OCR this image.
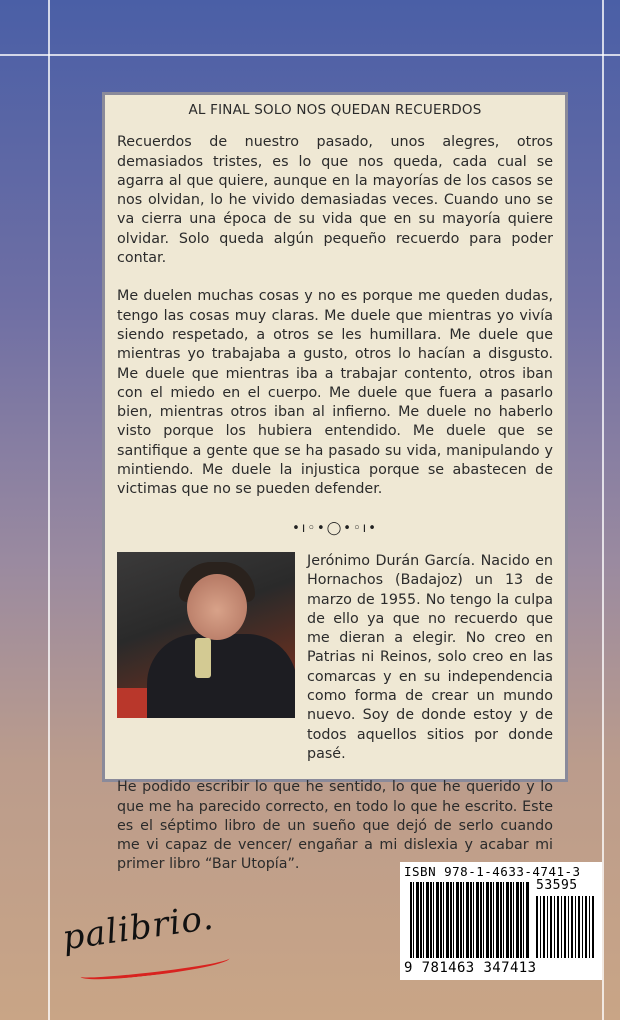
AL FINAL SOLO NOS QUEDAN RECUERDOS

Recuerdos de nuestro pasado, unos alegres, otros demasiados tristes, es lo que nos queda, cada cual se agarra al que quiere, aunque en la mayorías de los casos se nos olvidan, lo he vivido demasiadas veces. Cuando uno se va cierra una época de su vida que en su mayoría quiere olvidar. Solo queda algún pequeño recuerdo para poder contar.

Me duelen muchas cosas y no es porque me queden dudas, tengo las cosas muy claras. Me duele que mientras yo vivía siendo respetado, a otros se les humillara. Me duele que mientras yo trabajaba a gusto, otros lo hacían a disgusto. Me duele que mientras iba a trabajar contento, otros iban con el miedo en el cuerpo. Me duele que fuera a pasarlo bien, mientras otros iban al infierno. Me duele no haberlo visto porque los hubiera entendido. Me duele que se santifique a gente que se ha pasado su vida, manipulando y mintiendo. Me duele la injustica porque se abastecen de victimas que no se pueden defender.

•ı◦•◯•◦ı•
Jerónimo Durán García. Nacido en Hornachos (Badajoz) un 13 de marzo de 1955. No tengo la culpa de ello ya que no recuerdo que me dieran a elegir. No creo en Patrias ni Reinos, solo creo en las comarcas y en su independencia como forma de crear un mundo nuevo. Soy de donde estoy y de todos aquellos sitios por donde pasé.

He podido escribir lo que he sentido, lo que he querido y lo que me ha parecido correcto, en todo lo que he escrito. Este es el séptimo libro de un sueño que dejó de serlo cuando me vi capaz de vencer/ engañar a mi dislexia y acabar mi primer libro “Bar Utopía”.	ISBN 978-1-4633-4741-3
53595
9 781463 347413
palibrio.
